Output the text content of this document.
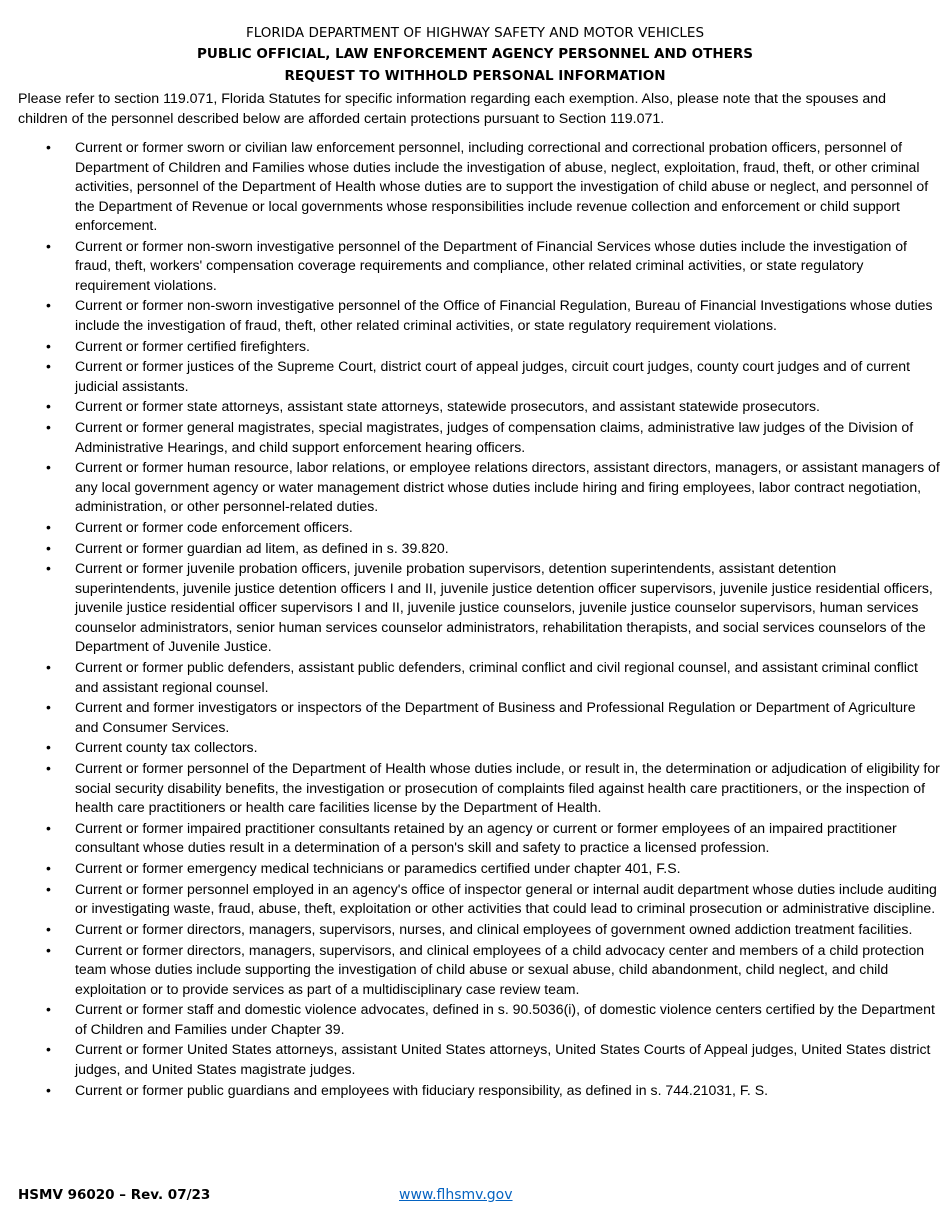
FLORIDA DEPARTMENT OF HIGHWAY SAFETY AND MOTOR VEHICLES
PUBLIC OFFICIAL, LAW ENFORCEMENT AGENCY PERSONNEL AND OTHERS
REQUEST TO WITHHOLD PERSONAL INFORMATION
Please refer to section 119.071, Florida Statutes for specific information regarding each exemption. Also, please note that the spouses and children of the personnel described below are afforded certain protections pursuant to Section 119.071.
• Current or former sworn or civilian law enforcement personnel, including correctional and correctional probation officers, personnel of Department of Children and Families whose duties include the investigation of abuse, neglect, exploitation, fraud, theft, or other criminal activities, personnel of the Department of Health whose duties are to support the investigation of child abuse or neglect, and personnel of the Department of Revenue or local governments whose responsibilities include revenue collection and enforcement or child support enforcement.
• Current or former non-sworn investigative personnel of the Department of Financial Services whose duties include the investigation of fraud, theft, workers' compensation coverage requirements and compliance, other related criminal activities, or state regulatory requirement violations.
• Current or former non-sworn investigative personnel of the Office of Financial Regulation, Bureau of Financial Investigations whose duties include the investigation of fraud, theft, other related criminal activities, or state regulatory requirement violations.
• Current or former certified firefighters.
• Current or former justices of the Supreme Court, district court of appeal judges, circuit court judges, county court judges and of current judicial assistants.
• Current or former state attorneys, assistant state attorneys, statewide prosecutors, and assistant statewide prosecutors.
• Current or former general magistrates, special magistrates, judges of compensation claims, administrative law judges of the Division of Administrative Hearings, and child support enforcement hearing officers.
• Current or former human resource, labor relations, or employee relations directors, assistant directors, managers, or assistant managers of any local government agency or water management district whose duties include hiring and firing employees, labor contract negotiation, administration, or other personnel-related duties.
• Current or former code enforcement officers.
• Current or former guardian ad litem, as defined in s. 39.820.
• Current or former juvenile probation officers, juvenile probation supervisors, detention superintendents, assistant detention superintendents, juvenile justice detention officers I and II, juvenile justice detention officer supervisors, juvenile justice residential officers, juvenile justice residential officer supervisors I and II, juvenile justice counselors, juvenile justice counselor supervisors, human services counselor administrators, senior human services counselor administrators, rehabilitation therapists, and social services counselors of the Department of Juvenile Justice.
• Current or former public defenders, assistant public defenders, criminal conflict and civil regional counsel, and assistant criminal conflict and assistant regional counsel.
• Current and former investigators or inspectors of the Department of Business and Professional Regulation or Department of Agriculture and Consumer Services.
• Current county tax collectors.
• Current or former personnel of the Department of Health whose duties include, or result in, the determination or adjudication of eligibility for social security disability benefits, the investigation or prosecution of complaints filed against health care practitioners, or the inspection of health care practitioners or health care facilities license by the Department of Health.
• Current or former impaired practitioner consultants retained by an agency or current or former employees of an impaired practitioner consultant whose duties result in a determination of a person's skill and safety to practice a licensed profession.
• Current or former emergency medical technicians or paramedics certified under chapter 401, F.S.
• Current or former personnel employed in an agency's office of inspector general or internal audit department whose duties include auditing or investigating waste, fraud, abuse, theft, exploitation or other activities that could lead to criminal prosecution or administrative discipline.
• Current or former directors, managers, supervisors, nurses, and clinical employees of government owned addiction treatment facilities.
• Current or former directors, managers, supervisors, and clinical employees of a child advocacy center and members of a child protection team whose duties include supporting the investigation of child abuse or sexual abuse, child abandonment, child neglect, and child exploitation or to provide services as part of a multidisciplinary case review team.
• Current or former staff and domestic violence advocates, defined in s. 90.5036(i), of domestic violence centers certified by the Department of Children and Families under Chapter 39.
• Current or former United States attorneys, assistant United States attorneys, United States Courts of Appeal judges, United States district judges, and United States magistrate judges.
• Current or former public guardians and employees with fiduciary responsibility, as defined in s. 744.21031, F. S.
HSMV 96020 – Rev. 07/23	www.flhsmv.gov
